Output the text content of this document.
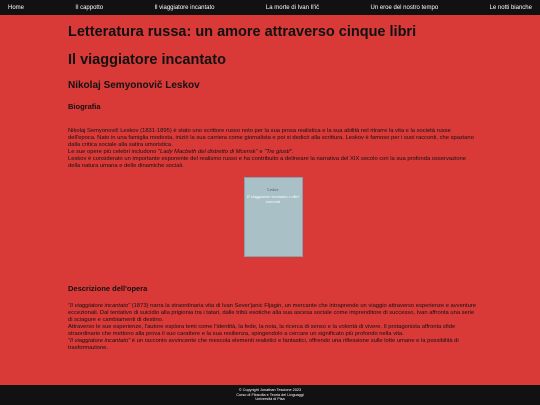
Home	Il cappotto	Il viaggiatore incantato	La morte di Ivan Il'ič	Un eroe del nostro tempo	Le notti bianche
Letteratura russa: un amore attraverso cinque libri
Il viaggiatore incantato
Nikolaj Semyonovič Leskov
Biografia

Nikolaj Semyonovič Leskov (1831-1895) è stato uno scrittore russo noto per la sua prosa realistica e la sua abilità nel ritrarre la vita e la società russe dell'epoca. Nato in una famiglia modesta, iniziò la sua carriera come giornalista e poi si dedicò alla scrittura. Leskov è famoso per i suoi racconti, che spaziano dalla critica sociale alla satira umoristica.

Le sue opere più celebri includono "Lady Macbeth del distretto di Mcensk" e "Tre giusti".

Leskov è considerato un importante esponente del realismo russo e ha contribuito a delineare la narrativa del XIX secolo con la sua profonda osservazione della natura umana e delle dinamiche sociali.

Leskov
Il viaggiatore incantato e altri racconti
Descrizione dell'opera

"Il viaggiatore incantato" (1873) narra la straordinaria vita di Ivan Sever'janic Fljagin, un mercante che intraprende un viaggio attraverso esperienze e avventure eccezionali. Dal tentativo di suicidio alla prigionia tra i tatari, dalle tribù esotiche alla sua ascesa sociale come imprenditore di successo, Ivan affronta una serie di sciagure e cambiamenti di destino.

Attraverso le sue esperienze, l'autore esplora temi come l'identità, la fede, la noia, la ricerca di senso e la volontà di vivere. Il protagonista affronta sfide straordinarie che mettono alla prova il suo carattere e la sua resilienza, spingendolo a cercare un significato più profondo nella vita.

"Il viaggiatore incantato" è un racconto avvincente che mescola elementi realistici e fantastici, offrendo una riflessione sulle lotte umane e la possibilità di trasformazione.

© Copyright Jonathan Tescione 2023
Corso di Filosofia e Teoria dei Linguaggi
Università di Pisa
